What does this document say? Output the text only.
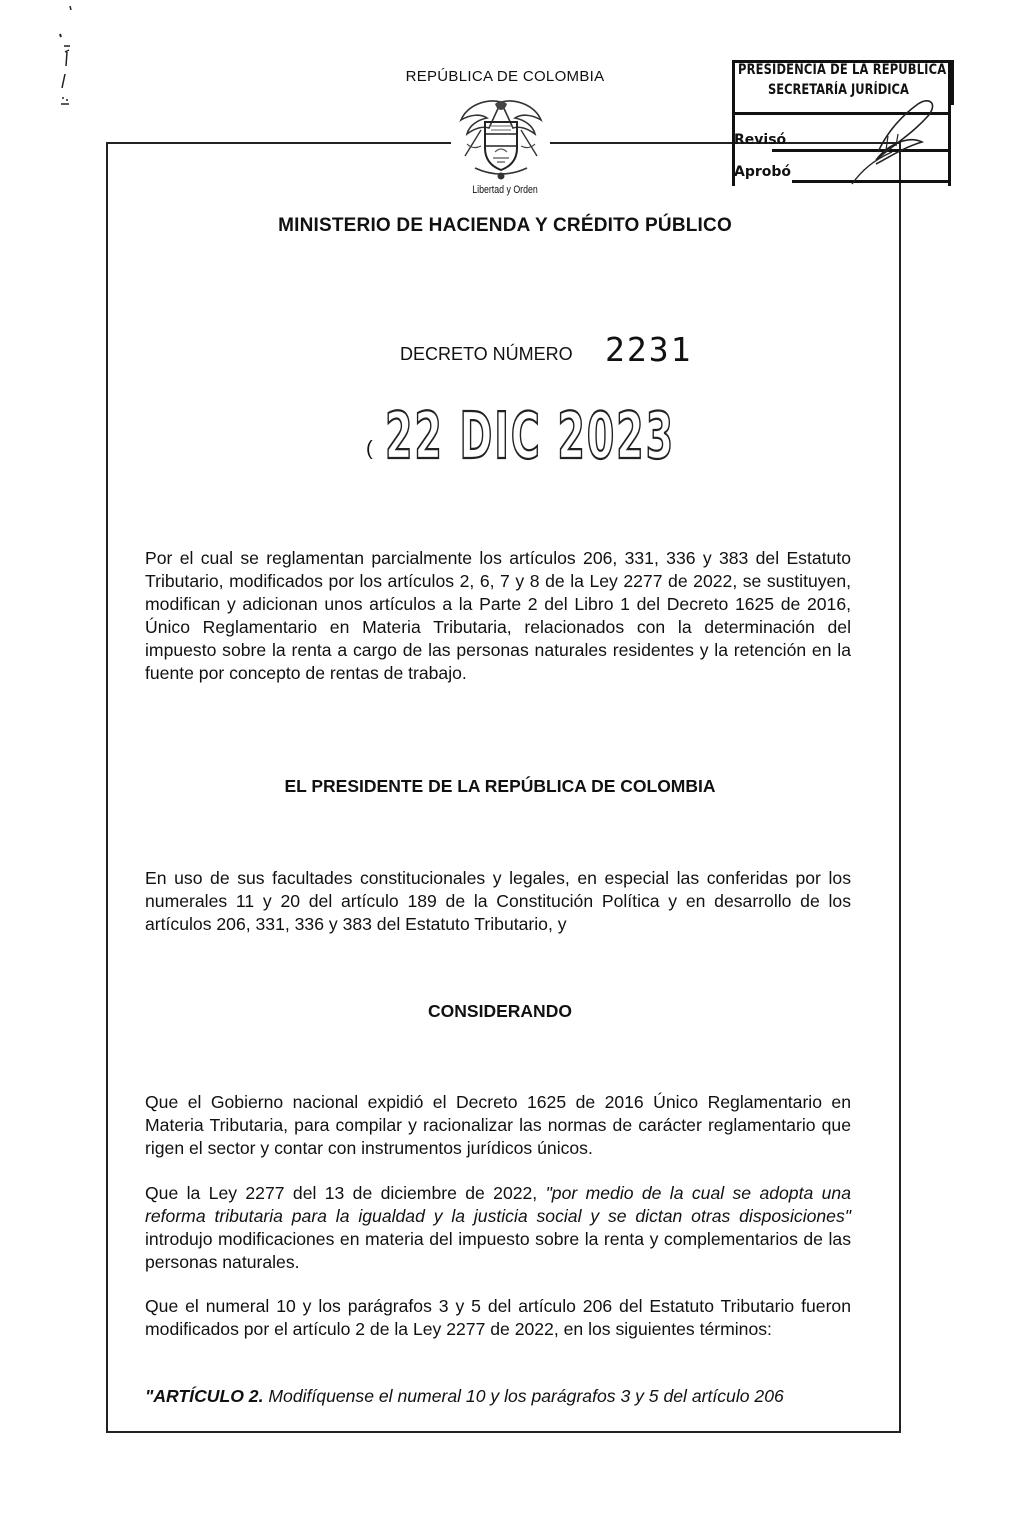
REPÚBLICA DE COLOMBIA
Libertad y Orden
PRESIDENCIA DE LA REPÚBLICA
SECRETARÍA JURÍDICA
Revisó
Aprobó
MINISTERIO DE HACIENDA Y CRÉDITO PÚBLICO
DECRETO NÚMERO 2231
( 22 DIC 2023
Por el cual se reglamentan parcialmente los artículos 206, 331, 336 y 383 del Estatuto Tributario, modificados por los artículos 2, 6, 7 y 8 de la Ley 2277 de 2022, se sustituyen, modifican y adicionan unos artículos a la Parte 2 del Libro 1 del Decreto 1625 de 2016, Único Reglamentario en Materia Tributaria, relacionados con la determinación del impuesto sobre la renta a cargo de las personas naturales residentes y la retención en la fuente por concepto de rentas de trabajo.
EL PRESIDENTE DE LA REPÚBLICA DE COLOMBIA
En uso de sus facultades constitucionales y legales, en especial las conferidas por los numerales 11 y 20 del artículo 189 de la Constitución Política y en desarrollo de los artículos 206, 331, 336 y 383 del Estatuto Tributario, y
CONSIDERANDO
Que el Gobierno nacional expidió el Decreto 1625 de 2016 Único Reglamentario en Materia Tributaria, para compilar y racionalizar las normas de carácter reglamentario que rigen el sector y contar con instrumentos jurídicos únicos.
Que la Ley 2277 del 13 de diciembre de 2022, "por medio de la cual se adopta una reforma tributaria para la igualdad y la justicia social y se dictan otras disposiciones" introdujo modificaciones en materia del impuesto sobre la renta y complementarios de las personas naturales.
Que el numeral 10 y los parágrafos 3 y 5 del artículo 206 del Estatuto Tributario fueron modificados por el artículo 2 de la Ley 2277 de 2022, en los siguientes términos:
"ARTÍCULO 2. Modifíquense el numeral 10 y los parágrafos 3 y 5 del artículo 206
